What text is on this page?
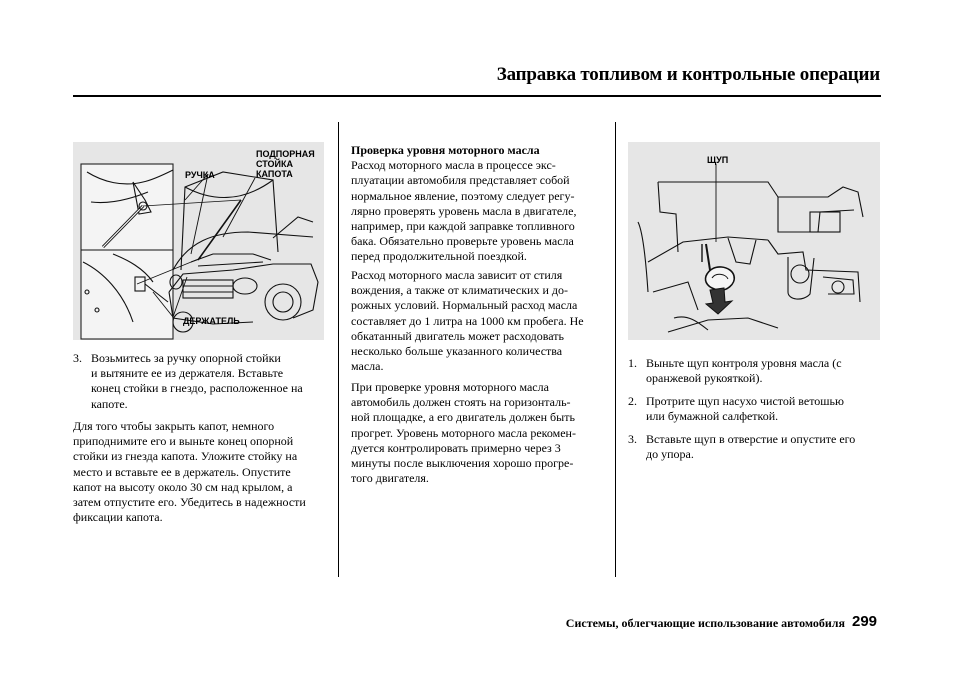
Заправка топливом и контрольные операции
ПОДПОРНАЯ
СТОЙКА
КАПОТА
РУЧКА
ДЕРЖАТЕЛЬ
3. Возьмитесь за ручку опорной стойки
и вытяните ее из держателя. Вставьте
конец стойки в гнездо, расположенное на
капоте.
Для того чтобы закрыть капот, немного
приподнимите его и выньте конец опорной
стойки из гнезда капота. Уложите стойку на
место и вставьте ее в держатель. Опустите
капот на высоту около 30 см над крылом, а
затем отпустите его. Убедитесь в надежности
фиксации капота.
Проверка уровня моторного масла
Расход моторного масла в процессе экс-
плуатации автомобиля представляет собой
нормальное явление, поэтому следует регу-
лярно проверять уровень масла в двигателе,
например, при каждой заправке топливного
бака. Обязательно проверьте уровень масла
перед продолжительной поездкой.
Расход моторного масла зависит от стиля
вождения, а также от климатических и до-
рожных условий. Нормальный расход масла
составляет до 1 литра на 1000 км пробега. Не
обкатанный двигатель может расходовать
несколько больше указанного количества
масла.
При проверке уровня моторного масла
автомобиль должен стоять на горизонталь-
ной площадке, а его двигатель должен быть
прогрет. Уровень моторного масла рекомен-
дуется контролировать примерно через 3
минуты после выключения хорошо прогре-
того двигателя.
ЩУП
1. Выньте щуп контроля уровня масла (с
оранжевой рукояткой).
2. Протрите щуп насухо чистой ветошью
или бумажной салфеткой.
3. Вставьте щуп в отверстие и опустите его
до упора.
Системы, облегчающие использование автомобиля 299
